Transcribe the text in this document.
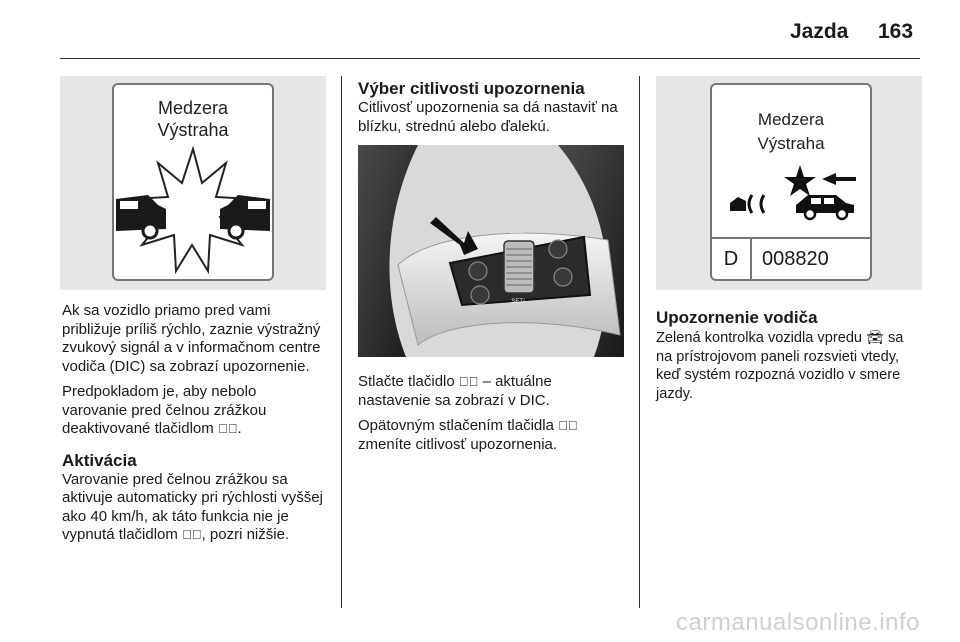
Jazda 163
Medzera
Výstraha

Ak sa vozidlo priamo pred vami približuje príliš rýchlo, zaznie výstražný zvukový signál a v informačnom centre vodiča (DIC) sa zobrazí upozornenie.

Predpokladom je, aby nebolo varovanie pred čelnou zrážkou deaktivované tlačidlom ⚠⃝.

Aktivácia

Varovanie pred čelnou zrážkou sa aktivuje automaticky pri rýchlosti vyššej ako 40 km/h, ak táto funkcia nie je vypnutá tlačidlom ⚠⃝, pozri nižšie.

Výber citlivosti upozornenia

Citlivosť upozornenia sa dá nastaviť na blízku, strednú alebo ďalekú.

RES/+
SET/-

Stlačte tlačidlo ⚠⃝ – aktuálne nastavenie sa zobrazí v DIC.

Opätovným stlačením tlačidla ⚠⃝ zmeníte citlivosť upozornenia.

Medzera
Výstraha
D	008820
Upozornenie vodiča

Zelená kontrolka vozidla vpredu 🚘︎ sa na prístrojovom paneli rozsvieti vtedy, keď systém rozpozná vozidlo v smere jazdy.

carmanualsonline.info
